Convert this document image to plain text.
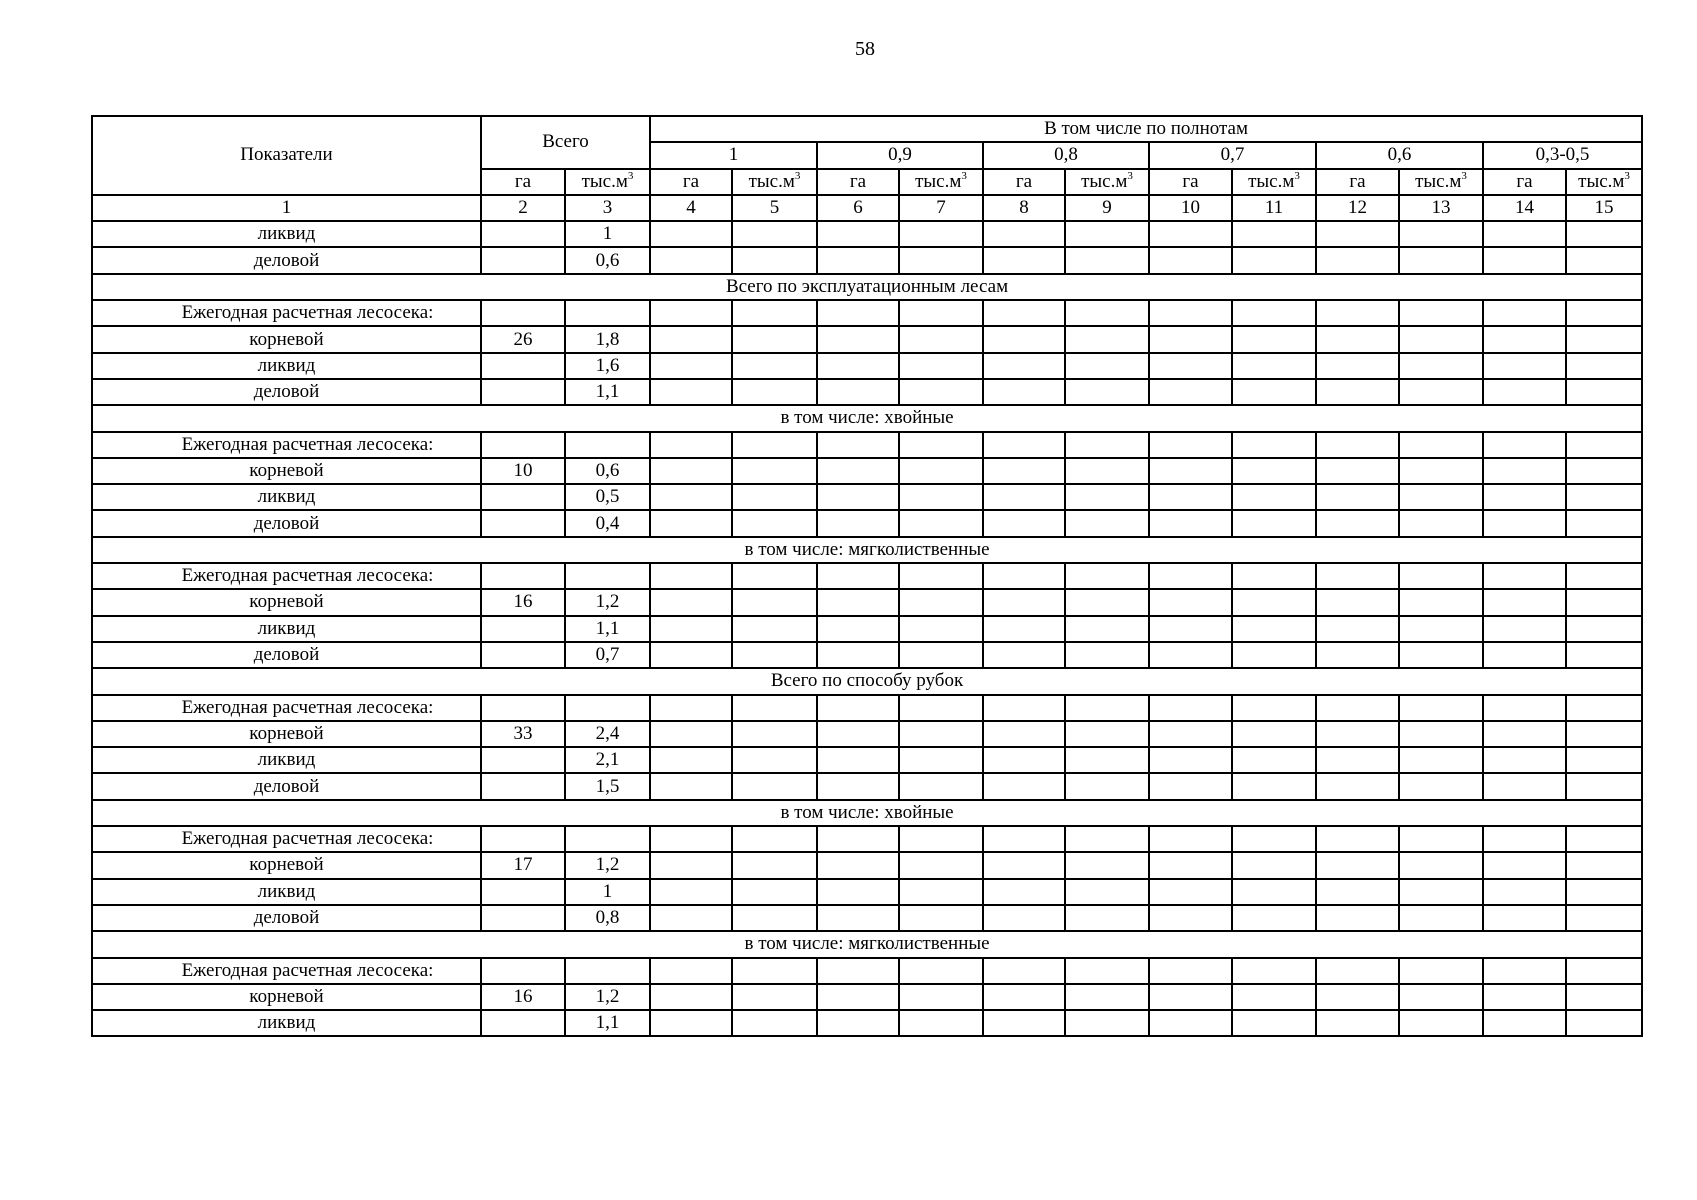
58
Показатели	Всего		В том числе по полнотам											
			1		0,9		0,8		0,7		0,6		0,3-0,5	
	га	$тыс.м^3$	га	$тыс.м^3$	га	$тыс.м^3$	га	$тыс.м^3$	га	$тыс.м^3$	га	$тыс.м^3$	га	$тыс.м^3$
1	2	3	4	5	6	7	8	9	10	11	12	13	14	15
ликвид		1												
деловой		0,6												
Всего по эксплуатационным лесам														
Ежегодная расчетная лесосека:														
корневой	26	1,8												
ликвид		1,6												
деловой		1,1												
в том числе: хвойные														
Ежегодная расчетная лесосека:														
корневой	10	0,6												
ликвид		0,5												
деловой		0,4												
в том числе: мягколиственные														
Ежегодная расчетная лесосека:														
корневой	16	1,2												
ликвид		1,1												
деловой		0,7												
Всего по способу рубок														
Ежегодная расчетная лесосека:														
корневой	33	2,4												
ликвид		2,1												
деловой		1,5												
в том числе: хвойные														
Ежегодная расчетная лесосека:														
корневой	17	1,2												
ликвид		1												
деловой		0,8												
в том числе: мягколиственные														
Ежегодная расчетная лесосека:														
корневой	16	1,2												
ликвид		1,1												
